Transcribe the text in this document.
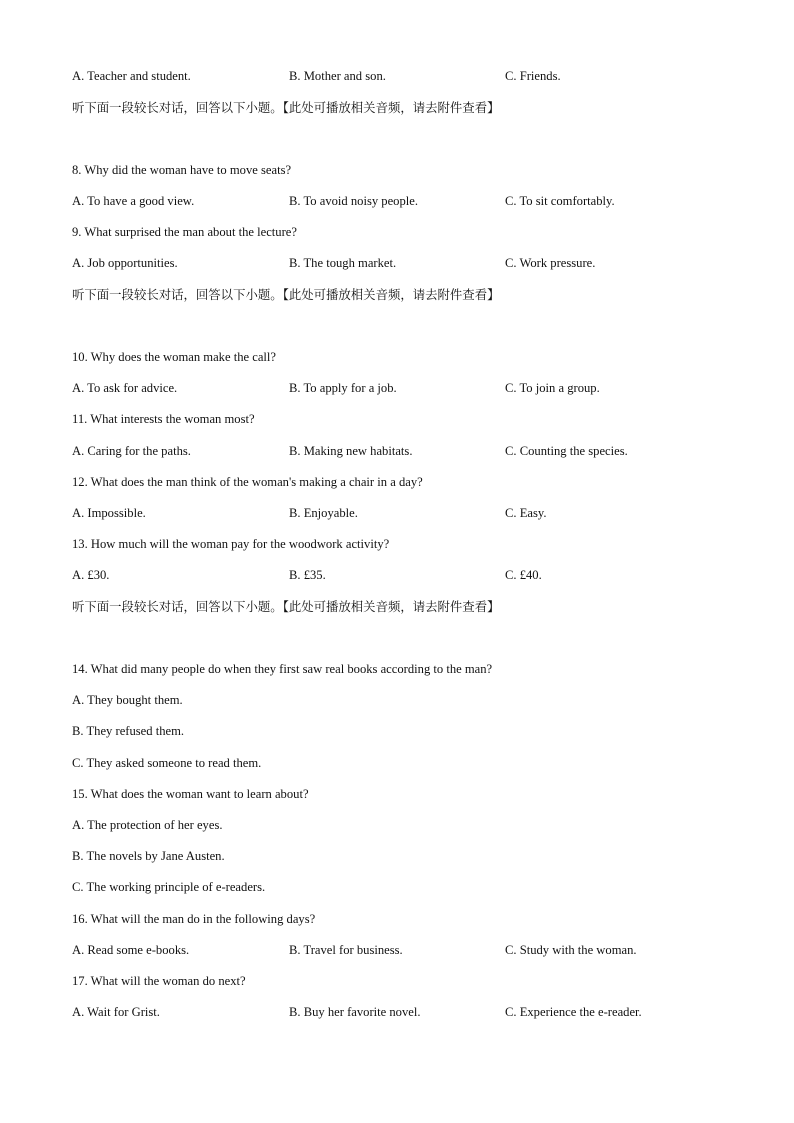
A. Teacher and student.	B. Mother and son.	C. Friends.
听下面一段较长对话，回答以下小题。【此处可播放相关音频，请去附件查看】
8. Why did the woman have to move seats?
A. To have a good view.	B. To avoid noisy people.	C. To sit comfortably.
9. What surprised the man about the lecture?
A. Job opportunities.	B. The tough market.	C. Work pressure.
听下面一段较长对话，回答以下小题。【此处可播放相关音频，请去附件查看】
10. Why does the woman make the call?
A. To ask for advice.	B. To apply for a job.	C. To join a group.
11. What interests the woman most?
A. Caring for the paths.	B. Making new habitats.	C. Counting the species.
12. What does the man think of the woman's making a chair in a day?
A. Impossible.	B. Enjoyable.	C. Easy.
13. How much will the woman pay for the woodwork activity?
A. £30.	B. £35.	C. £40.
听下面一段较长对话，回答以下小题。【此处可播放相关音频，请去附件查看】
14. What did many people do when they first saw real books according to the man?
A. They bought them.
B. They refused them.
C. They asked someone to read them.
15. What does the woman want to learn about?
A. The protection of her eyes.
B. The novels by Jane Austen.
C. The working principle of e-readers.
16. What will the man do in the following days?
A. Read some e-books.	B. Travel for business.	C. Study with the woman.
17. What will the woman do next?
A. Wait for Grist.	B. Buy her favorite novel.	C. Experience the e-reader.
